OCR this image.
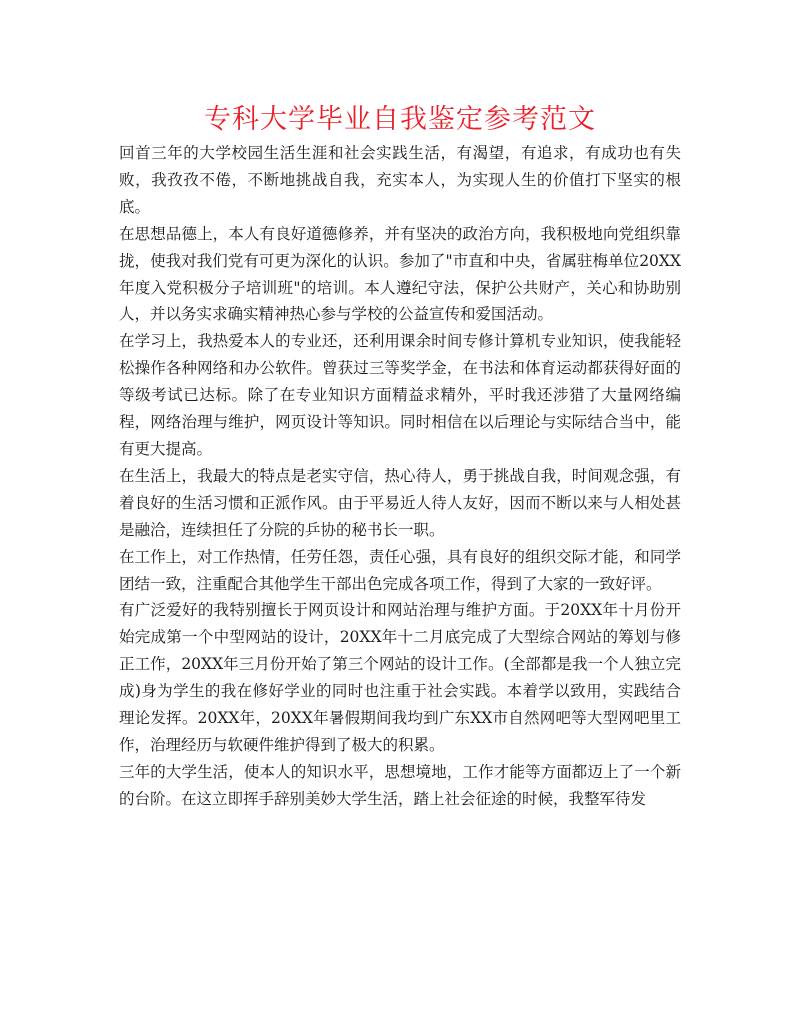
专科大学毕业自我鉴定参考范文

回首三年的大学校园生活生涯和社会实践生活，有渴望，有追求，有成功也有失败，我孜孜不倦，不断地挑战自我，充实本人，为实现人生的价值打下坚实的根底。

在思想品德上，本人有良好道德修养，并有坚决的政治方向，我积极地向党组织靠拢，使我对我们党有可更为深化的认识。参加了"市直和中央，省属驻梅单位20XX年度入党积极分子培训班"的培训。本人遵纪守法，保护公共财产，关心和协助别人，并以务实求确实精神热心参与学校的公益宣传和爱国活动。

在学习上，我热爱本人的专业还，还利用课余时间专修计算机专业知识，使我能轻松操作各种网络和办公软件。曾获过三等奖学金，在书法和体育运动都获得好面的等级考试已达标。除了在专业知识方面精益求精外，平时我还涉猎了大量网络编程，网络治理与维护，网页设计等知识。同时相信在以后理论与实际结合当中，能有更大提高。

在生活上，我最大的特点是老实守信，热心待人，勇于挑战自我，时间观念强，有着良好的生活习惯和正派作风。由于平易近人待人友好，因而不断以来与人相处甚是融洽，连续担任了分院的乒协的秘书长一职。

在工作上，对工作热情，任劳任怨，责任心强，具有良好的组织交际才能，和同学团结一致，注重配合其他学生干部出色完成各项工作，得到了大家的一致好评。

有广泛爱好的我特别擅长于网页设计和网站治理与维护方面。于20XX年十月份开始完成第一个中型网站的设计，20XX年十二月底完成了大型综合网站的筹划与修正工作，20XX年三月份开始了第三个网站的设计工作。(全部都是我一个人独立完成)身为学生的我在修好学业的同时也注重于社会实践。本着学以致用，实践结合理论发挥。20XX年，20XX年暑假期间我均到广东XX市自然网吧等大型网吧里工作，治理经历与软硬件维护得到了极大的积累。

三年的大学生活，使本人的知识水平，思想境地，工作才能等方面都迈上了一个新的台阶。在这立即挥手辞别美妙大学生活，踏上社会征途的时候，我整军待发
